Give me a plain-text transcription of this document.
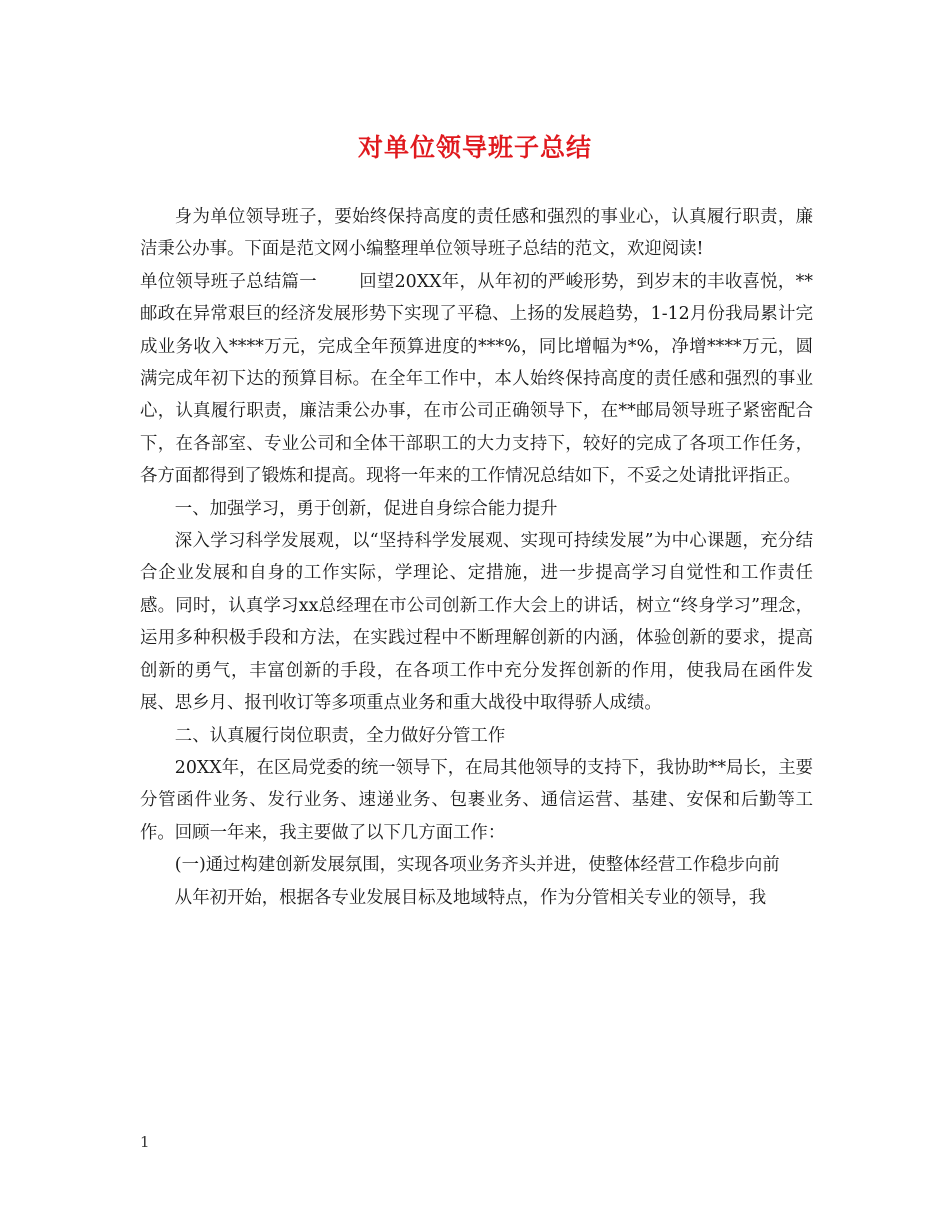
对单位领导班子总结

身为单位领导班子，要始终保持高度的责任感和强烈的事业心，认真履行职责，廉洁秉公办事。下面是范文网小编整理单位领导班子总结的范文，欢迎阅读!

单位领导班子总结篇一 回望20XX年，从年初的严峻形势，到岁末的丰收喜悦，**邮政在异常艰巨的经济发展形势下实现了平稳、上扬的发展趋势，1-12月份我局累计完成业务收入****万元，完成全年预算进度的***%，同比增幅为*%，净增****万元，圆满完成年初下达的预算目标。在全年工作中，本人始终保持高度的责任感和强烈的事业心，认真履行职责，廉洁秉公办事，在市公司正确领导下，在**邮局领导班子紧密配合下，在各部室、专业公司和全体干部职工的大力支持下，较好的完成了各项工作任务，各方面都得到了锻炼和提高。现将一年来的工作情况总结如下，不妥之处请批评指正。

一、加强学习，勇于创新，促进自身综合能力提升

深入学习科学发展观，以“坚持科学发展观、实现可持续发展”为中心课题，充分结合企业发展和自身的工作实际，学理论、定措施，进一步提高学习自觉性和工作责任感。同时，认真学习xx总经理在市公司创新工作大会上的讲话，树立“终身学习”理念，运用多种积极手段和方法，在实践过程中不断理解创新的内涵，体验创新的要求，提高创新的勇气，丰富创新的手段，在各项工作中充分发挥创新的作用，使我局在函件发展、思乡月、报刊收订等多项重点业务和重大战役中取得骄人成绩。

二、认真履行岗位职责，全力做好分管工作

20XX年，在区局党委的统一领导下，在局其他领导的支持下，我协助**局长，主要分管函件业务、发行业务、速递业务、包裹业务、通信运营、基建、安保和后勤等工作。回顾一年来，我主要做了以下几方面工作：

(一)通过构建创新发展氛围，实现各项业务齐头并进，使整体经营工作稳步向前

从年初开始，根据各专业发展目标及地域特点，作为分管相关专业的领导，我

1
